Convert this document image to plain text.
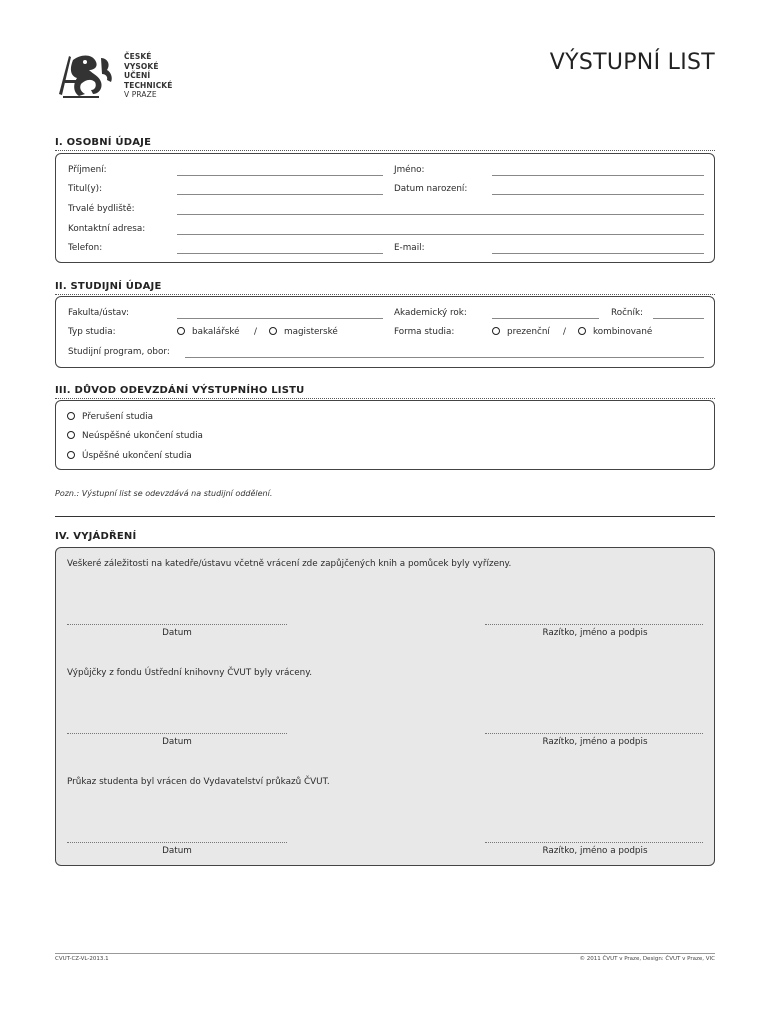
ČESKÉ
VYSOKÉ
UČENÍ
TECHNICKÉ
V PRAZE
VÝSTUPNÍ LIST
I. OSOBNÍ ÚDAJE
Příjmení:	Jméno:
Titul(y):	Datum narození:
Trvalé bydliště:
Kontaktní adresa:
Telefon:	E-mail:
II. STUDIJNÍ ÚDAJE
Fakulta/ústav:	Akademický rok:	Ročník:
Typ studia:	bakalářské /	magisterské	Forma studia:	prezenční /	kombinované
Studijní program, obor:
III. DŮVOD ODEVZDÁNÍ VÝSTUPNÍHO LISTU
Přerušení studia
Neúspěšné ukončení studia
Úspěšné ukončení studia
Pozn.: Výstupní list se odevzdává na studijní oddělení.
IV. VYJÁDŘENÍ
Veškeré záležitosti na katedře/ústavu včetně vrácení zde zapůjčených knih a pomůcek byly vyřízeny.
Datum	Razítko, jméno a podpis
Výpůjčky z fondu Ústřední knihovny ČVUT byly vráceny.
Datum	Razítko, jméno a podpis
Průkaz studenta byl vrácen do Vydavatelství průkazů ČVUT.
Datum	Razítko, jméno a podpis
CVUT-CZ-VL-2013.1	© 2011 ČVUT v Praze, Design: ČVUT v Praze, VIC
